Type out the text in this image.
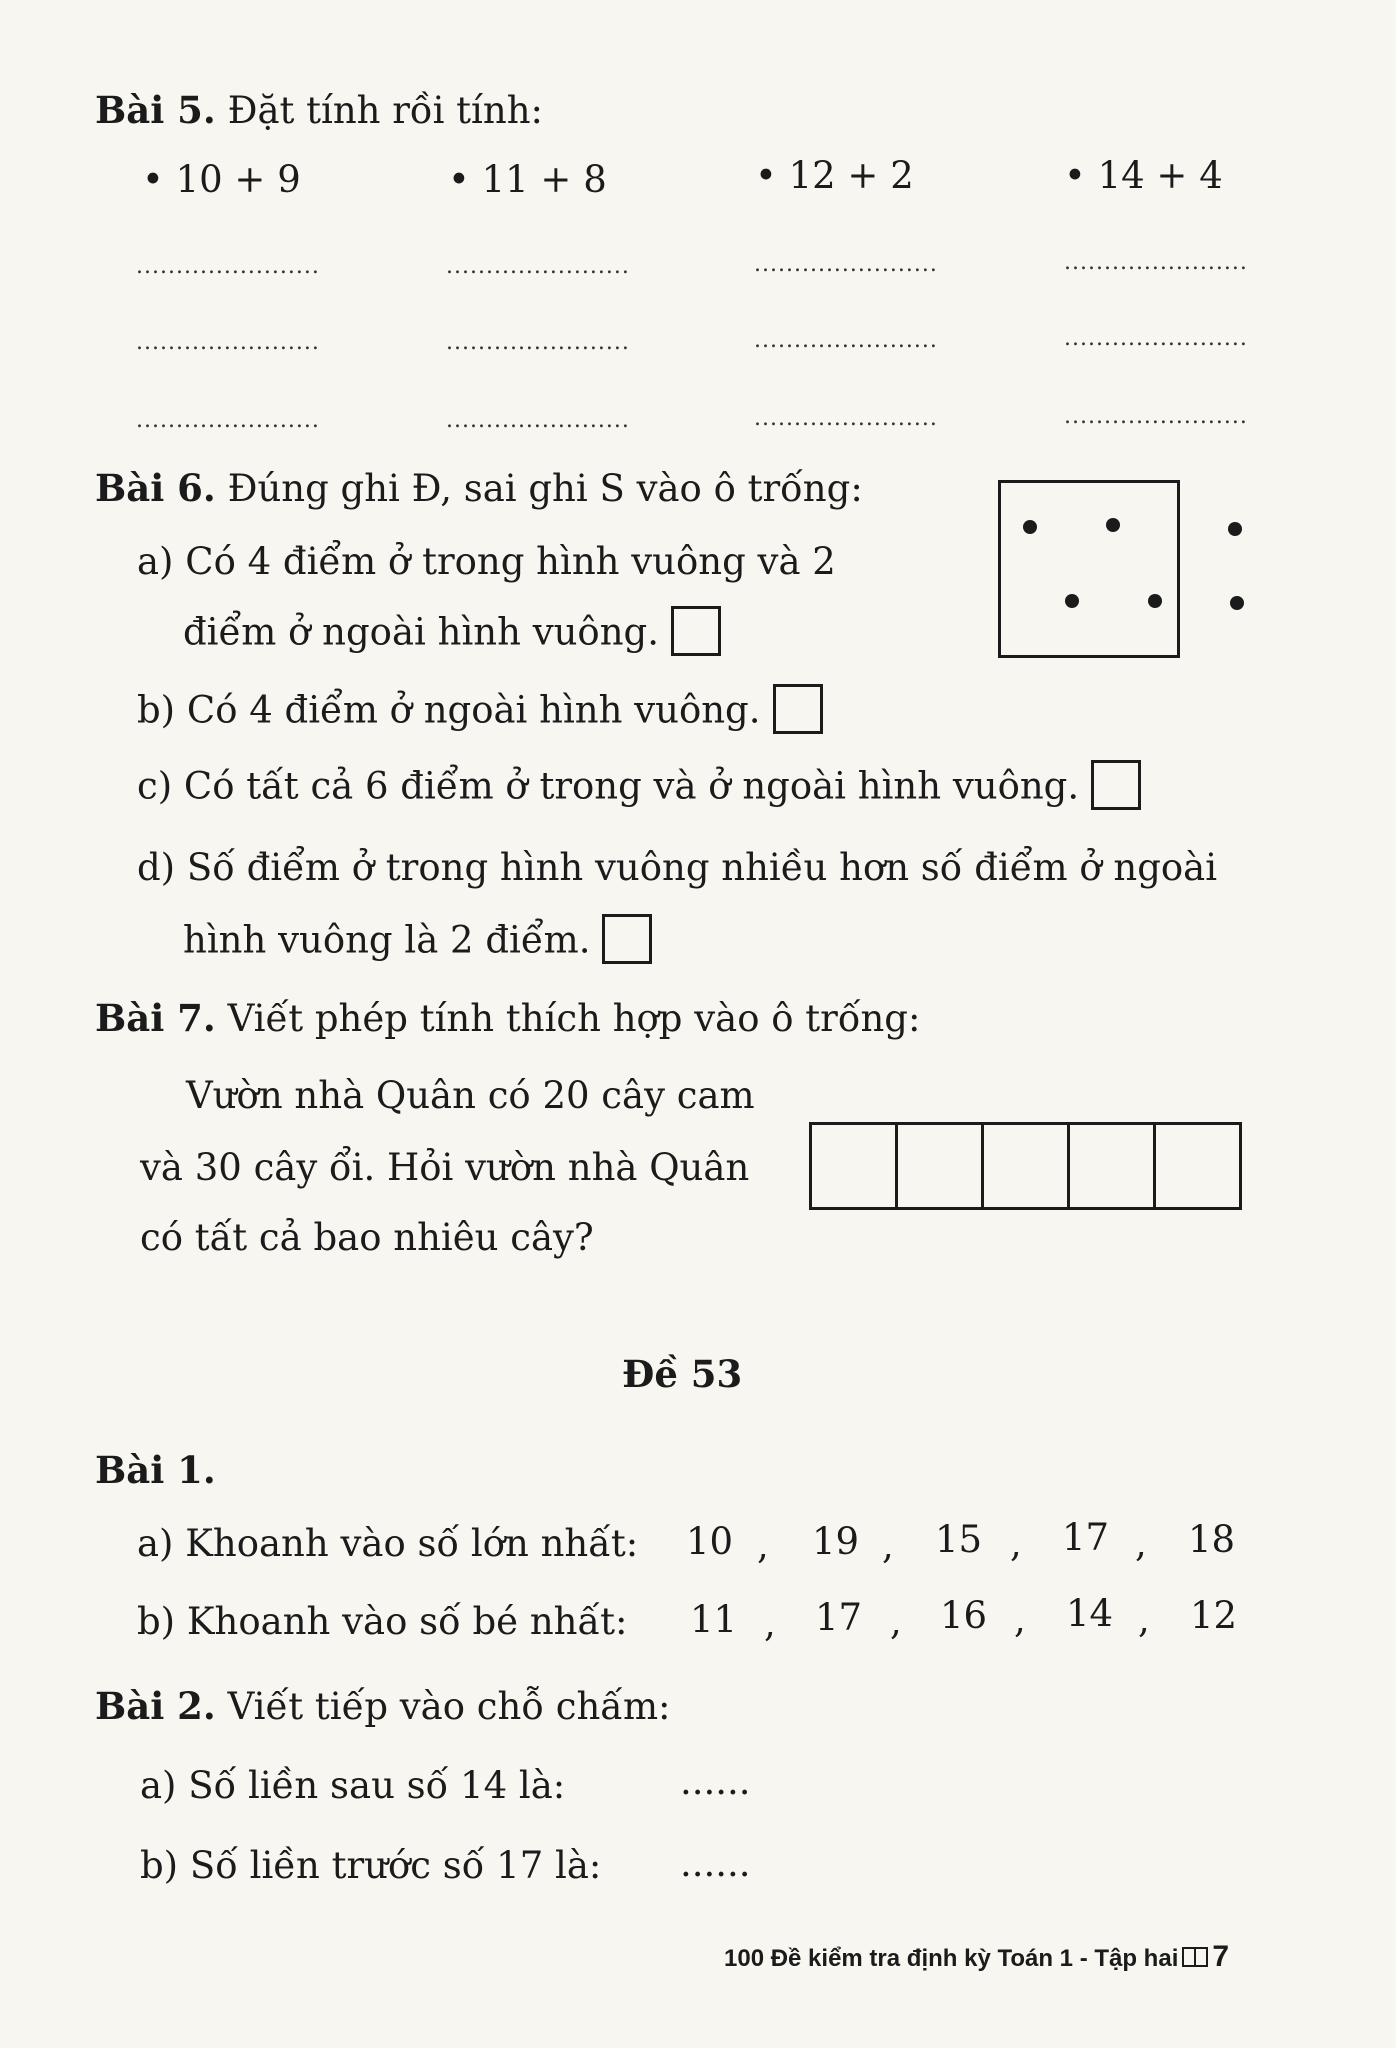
Bài 5. Đặt tính rồi tính:
• 10 + 9	• 11 + 8	• 12 + 2	• 14 + 4
.......................	.......................	.......................	.......................
.......................	.......................	.......................	.......................
.......................	.......................	.......................	.......................
Bài 6. Đúng ghi Đ, sai ghi S vào ô trống:
a) Có 4 điểm ở trong hình vuông và 2
điểm ở ngoài hình vuông.
b) Có 4 điểm ở ngoài hình vuông.
c) Có tất cả 6 điểm ở trong và ở ngoài hình vuông.
d) Số điểm ở trong hình vuông nhiều hơn số điểm ở ngoài
hình vuông là 2 điểm.
Bài 7. Viết phép tính thích hợp vào ô trống:
Vườn nhà Quân có 20 cây cam
và 30 cây ổi. Hỏi vườn nhà Quân
có tất cả bao nhiêu cây?
Đề 53
Bài 1.
a) Khoanh vào số lớn nhất: 10 , 19 , 15 , 17 , 18
b) Khoanh vào số bé nhất: 11 , 17 , 16 , 14 , 12
Bài 2. Viết tiếp vào chỗ chấm:
a) Số liền sau số 14 là:	......
b) Số liền trước số 17 là: ......
100 Đề kiểm tra định kỳ Toán 1 - Tập hai 7
